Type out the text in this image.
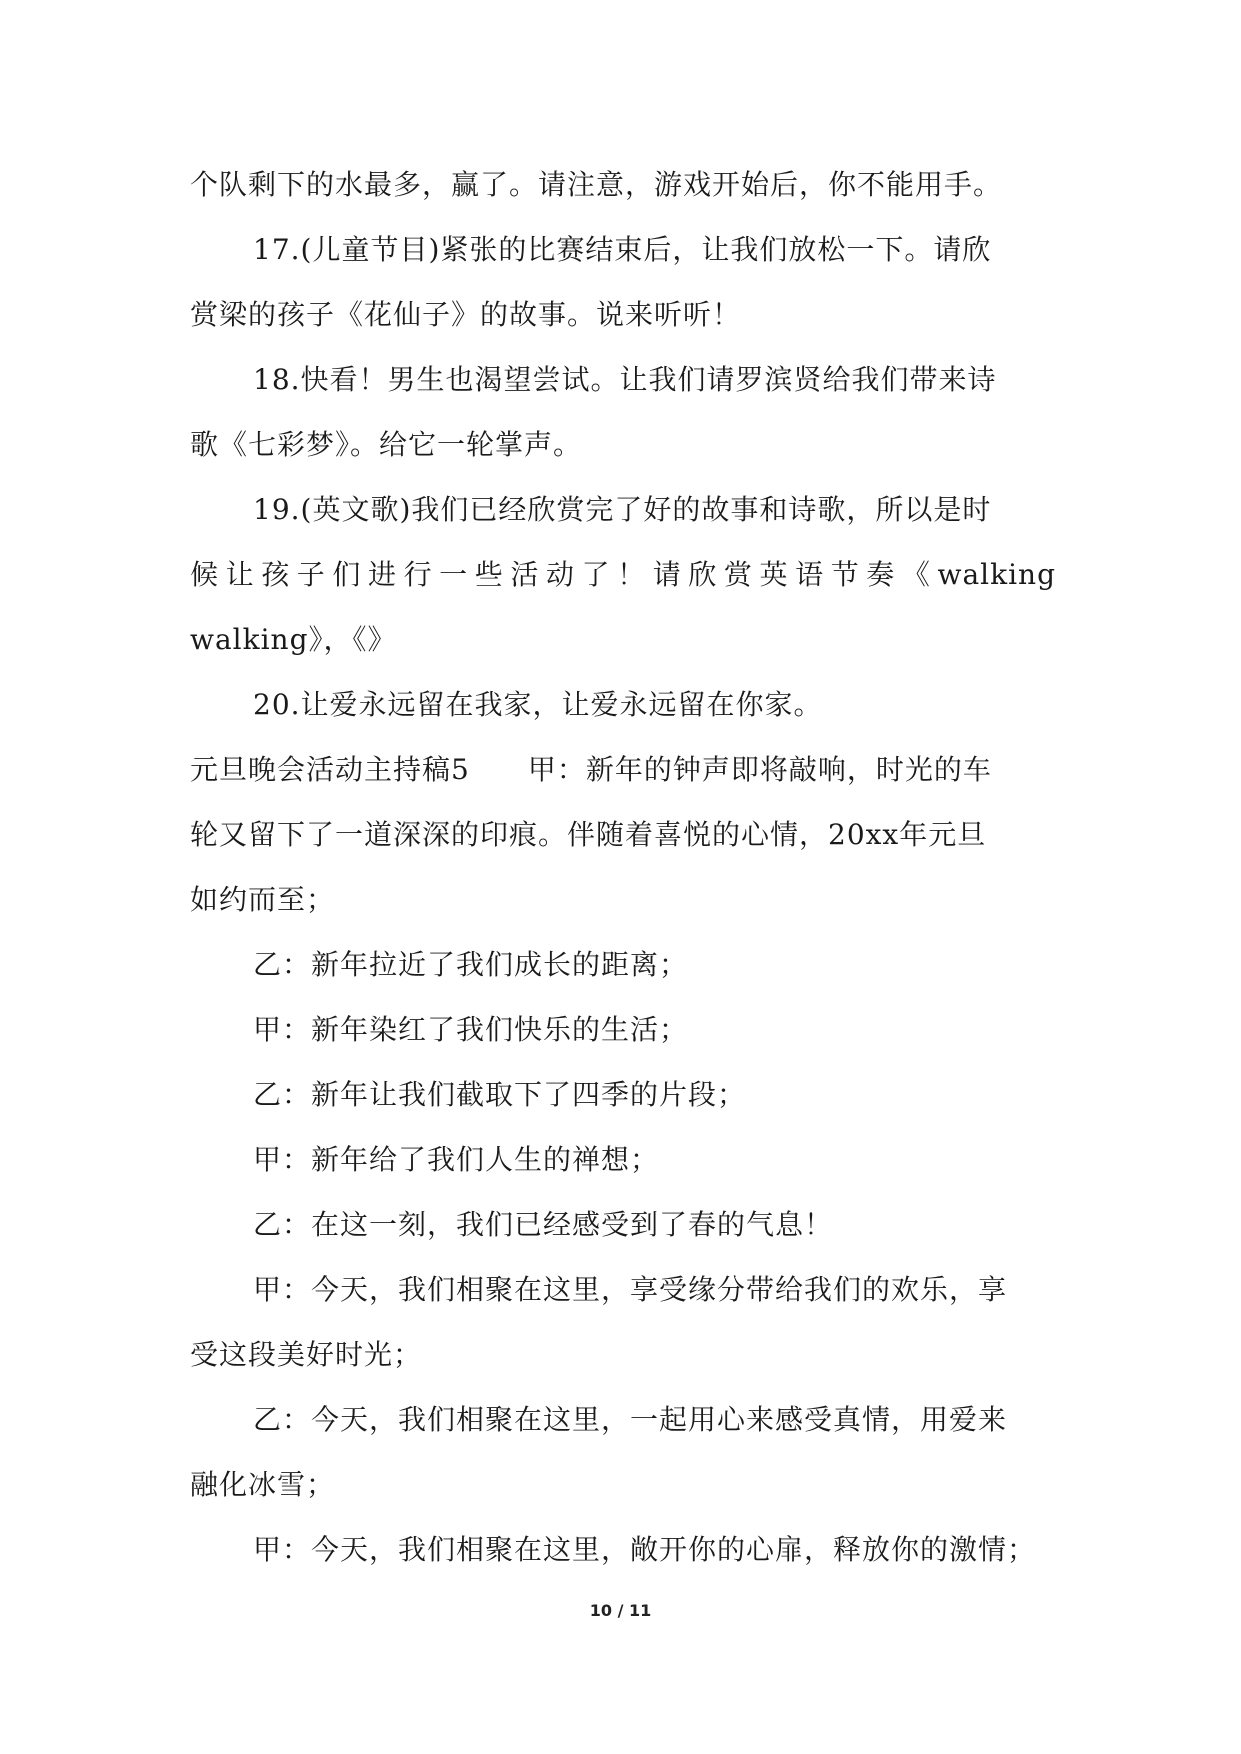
个队剩下的水最多，赢了。请注意，游戏开始后，你不能用手。
17.(儿童节目)紧张的比赛结束后，让我们放松一下。请欣
赏梁的孩子《花仙子》的故事。说来听听！
18.快看！男生也渴望尝试。让我们请罗滨贤给我们带来诗
歌《七彩梦》。给它一轮掌声。
19.(英文歌)我们已经欣赏完了好的故事和诗歌，所以是时
候让孩子们进行一些活动了！请欣赏英语节奏《walking
walking》，《》
20.让爱永远留在我家，让爱永远留在你家。
元旦晚会活动主持稿5　　甲：新年的钟声即将敲响，时光的车
轮又留下了一道深深的印痕。伴随着喜悦的心情，20xx年元旦
如约而至；
乙：新年拉近了我们成长的距离；
甲：新年染红了我们快乐的生活；
乙：新年让我们截取下了四季的片段；
甲：新年给了我们人生的禅想；
乙：在这一刻，我们已经感受到了春的气息！
甲：今天，我们相聚在这里，享受缘分带给我们的欢乐，享
受这段美好时光；
乙：今天，我们相聚在这里，一起用心来感受真情，用爱来
融化冰雪；
甲：今天，我们相聚在这里，敞开你的心扉，释放你的激情；
10 / 11
